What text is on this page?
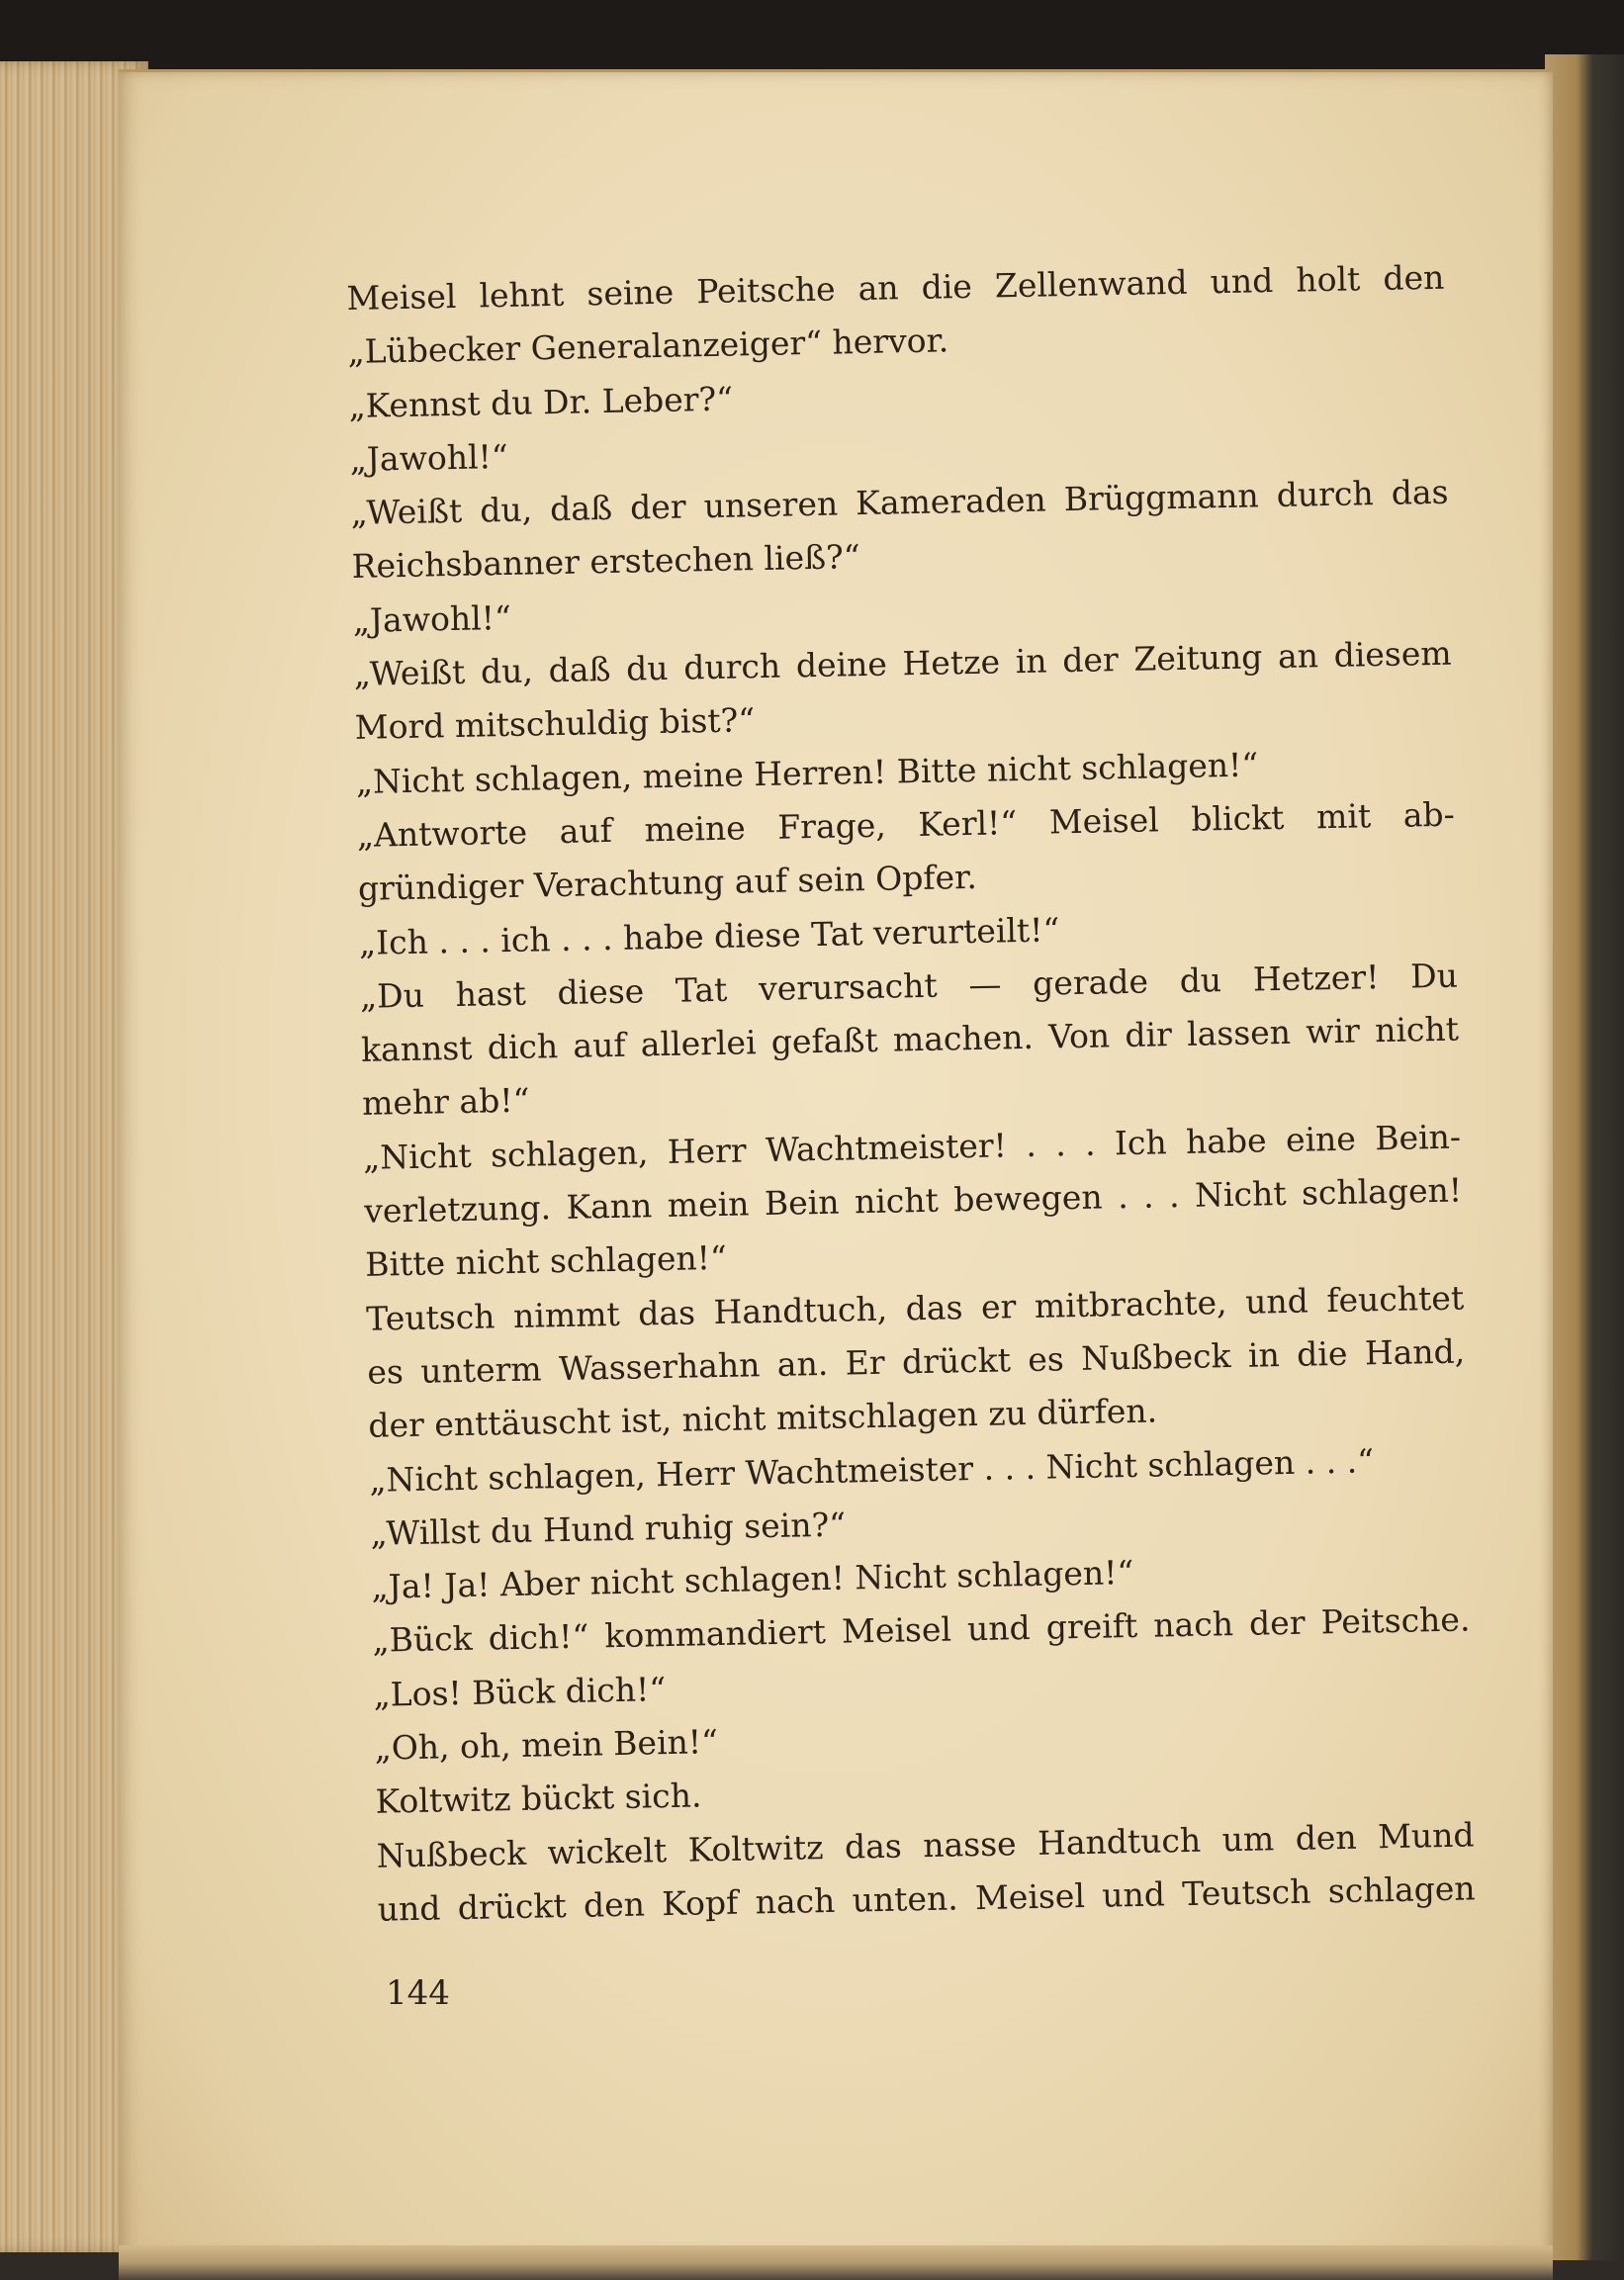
Meisel lehnt seine Peitsche an die Zellenwand und holt den
„Lübecker Generalanzeiger“ hervor.
„Kennst du Dr. Leber?“
„Jawohl!“
„Weißt du, daß der unseren Kameraden Brüggmann durch das
Reichsbanner erstechen ließ?“
„Jawohl!“
„Weißt du, daß du durch deine Hetze in der Zeitung an diesem
Mord mitschuldig bist?“
„Nicht schlagen, meine Herren! Bitte nicht schlagen!“
„Antworte auf meine Frage, Kerl!“ Meisel blickt mit ab-
gründiger Verachtung auf sein Opfer.
„Ich . . . ich . . . habe diese Tat verurteilt!“
„Du hast diese Tat verursacht — gerade du Hetzer! Du
kannst dich auf allerlei gefaßt machen. Von dir lassen wir nicht
mehr ab!“
„Nicht schlagen, Herr Wachtmeister! . . . Ich habe eine Bein-
verletzung. Kann mein Bein nicht bewegen . . . Nicht schlagen!
Bitte nicht schlagen!“
Teutsch nimmt das Handtuch, das er mitbrachte, und feuchtet
es unterm Wasserhahn an. Er drückt es Nußbeck in die Hand,
der enttäuscht ist, nicht mitschlagen zu dürfen.
„Nicht schlagen, Herr Wachtmeister . . . Nicht schlagen . . .“
„Willst du Hund ruhig sein?“
„Ja! Ja! Aber nicht schlagen! Nicht schlagen!“
„Bück dich!“ kommandiert Meisel und greift nach der Peitsche.
„Los! Bück dich!“
„Oh, oh, mein Bein!“
Koltwitz bückt sich.
Nußbeck wickelt Koltwitz das nasse Handtuch um den Mund
und drückt den Kopf nach unten. Meisel und Teutsch schlagen
144
